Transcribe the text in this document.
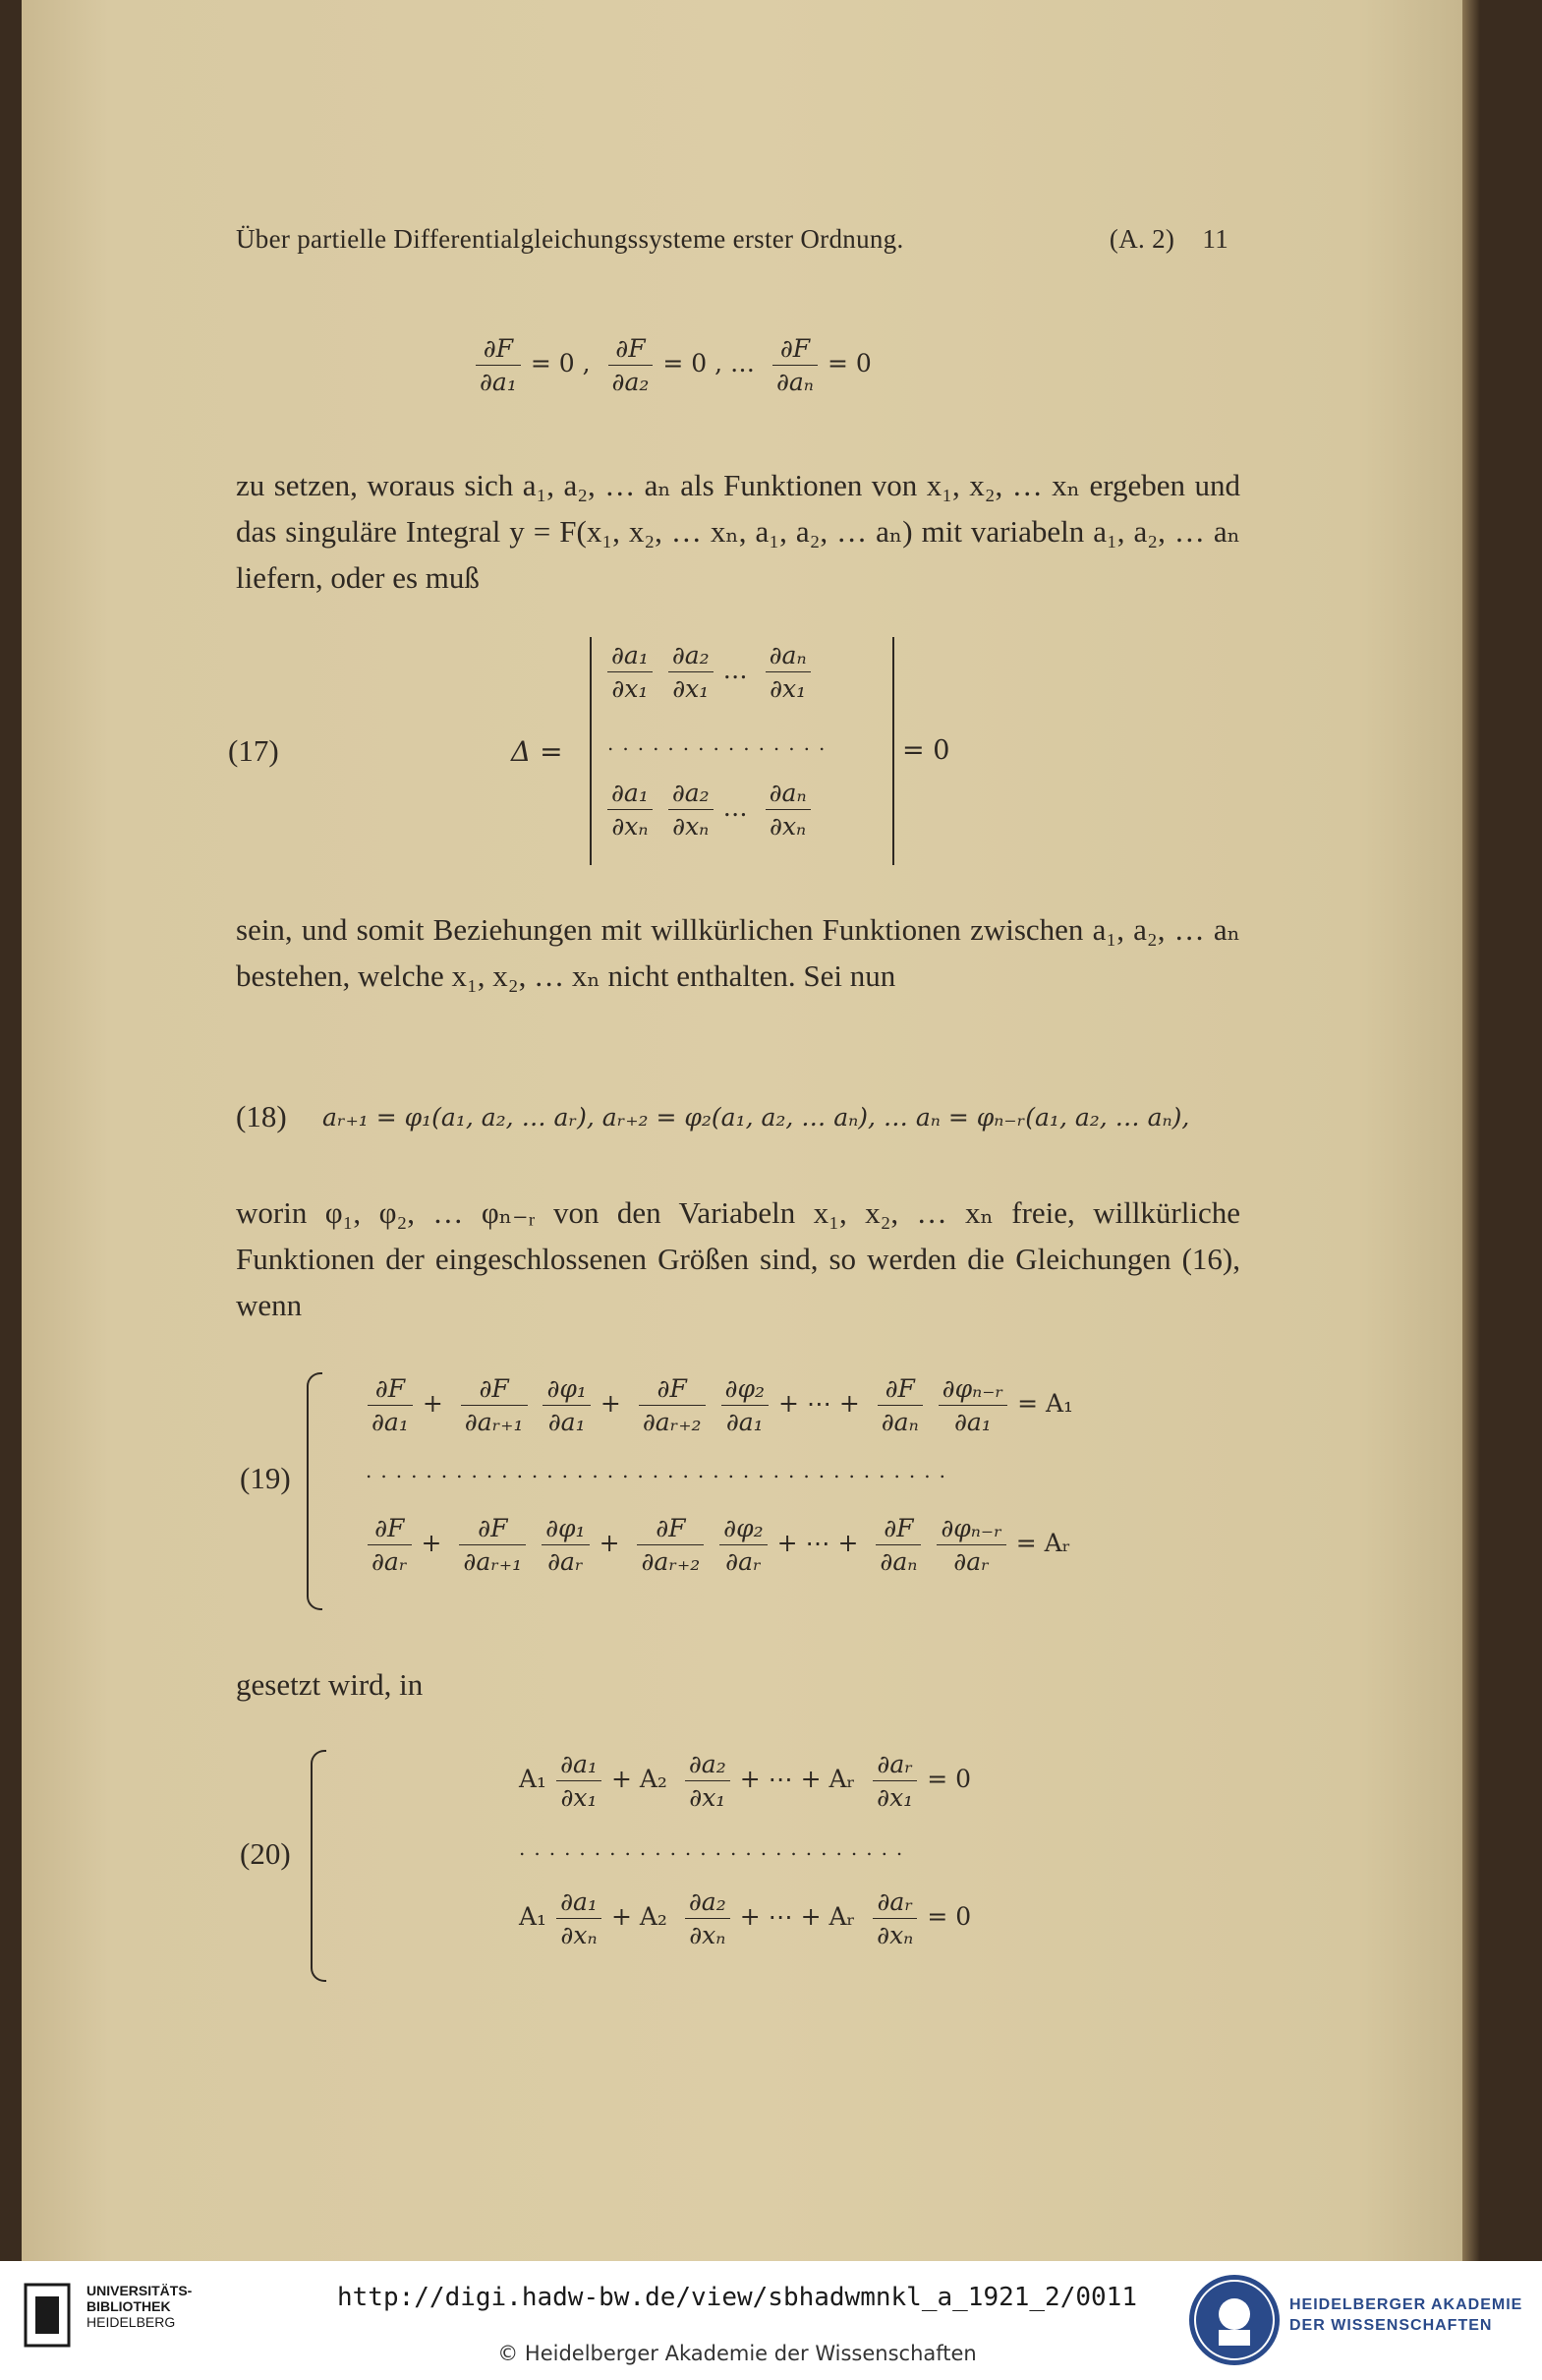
Über partielle Differentialgleichungssysteme erster Ordnung.	(A. 2) 11
$\frac{\partial F}{\text{∂a₁}} = 0$ , $\frac{\partial F}{\text{∂a₂}} = 0$ , … $\frac{\partial F}{\text{∂aₙ}} = 0$
zu setzen, woraus sich a₁, a₂, … aₙ als Funktionen von x₁, x₂, … xₙ ergeben und das singuläre Integral y = F(x₁, x₂, … xₙ, a₁, a₂, … aₙ) mit variabeln a₁, a₂, … aₙ liefern, oder es muß
(17)	Δ =
$\frac{\text{∂a₁}}{\text{∂x₁}}$
$\frac{\text{∂a₂}}{\text{∂x₁}}$ … $\frac{\text{∂aₙ}}{\text{∂x₁}}$
...............
$\frac{\text{∂a₁}}{\text{∂xₙ}}$
$\frac{\text{∂a₂}}{\text{∂xₙ}}$ … $\frac{\text{∂aₙ}}{\text{∂xₙ}}$
= 0
sein, und somit Beziehungen mit willkürlichen Funktionen zwischen a₁, a₂, … aₙ bestehen, welche x₁, x₂, … xₙ nicht enthalten. Sei nun
(18) aᵣ₊₁ = φ₁(a₁, a₂, … aᵣ), aᵣ₊₂ = φ₂(a₁, a₂, … aₙ), … aₙ = φₙ₋ᵣ(a₁, a₂, … aₙ),
worin φ₁, φ₂, … φₙ₋ᵣ von den Variabeln x₁, x₂, … xₙ freie, willkürliche Funktionen der eingeschlossenen Größen sind, so werden die Gleichungen (16), wenn
(19)
$\frac{\partial F}{\text{∂a₁}} + \frac{\partial F}{\text{∂aᵣ₊₁}}$
$\frac{\text{∂φ₁}}{\text{∂a₁}} + \frac{\partial F}{\text{∂aᵣ₊₂}}$
$\frac{\text{∂φ₂}}{\text{∂a₁}}$ + ⋯ + $\frac{\partial F}{\text{∂aₙ}}$
$\frac{\text{∂φₙ₋ᵣ}}{\text{∂a₁}} = A_1$
.......................................
$\frac{\partial F}{\text{∂aᵣ}} + \frac{\partial F}{\text{∂aᵣ₊₁}}$
$\frac{\text{∂φ₁}}{\text{∂aᵣ}} + \frac{\partial F}{\text{∂aᵣ₊₂}}$
$\frac{\text{∂φ₂}}{\text{∂aᵣ}}$ + ⋯ + $\frac{\partial F}{\text{∂aₙ}}$
$\frac{\text{∂φₙ₋ᵣ}}{\text{∂aᵣ}}$ = Aᵣ
gesetzt wird, in
(20)
$A_1 \frac{\text{∂a₁}}{\text{∂x₁}} + A_2 \frac{\text{∂a₂}}{\text{∂x₁}}$ + ⋯ + Aᵣ $\frac{\text{∂aᵣ}}{\text{∂x₁}} = 0$
..........................
$A_1 \frac{\text{∂a₁}}{\text{∂xₙ}} + A_2 \frac{\text{∂a₂}}{\text{∂xₙ}}$ + ⋯ + Aᵣ $\frac{\text{∂aᵣ}}{\text{∂xₙ}} = 0$
UNIVERSITÄTS-
BIBLIOTHEK
HEIDELBERG
http://digi.hadw-bw.de/view/sbhadwmnkl_a_1921_2/0011
© Heidelberger Akademie der Wissenschaften
HEIDELBERGER AKADEMIE
DER WISSENSCHAFTEN
